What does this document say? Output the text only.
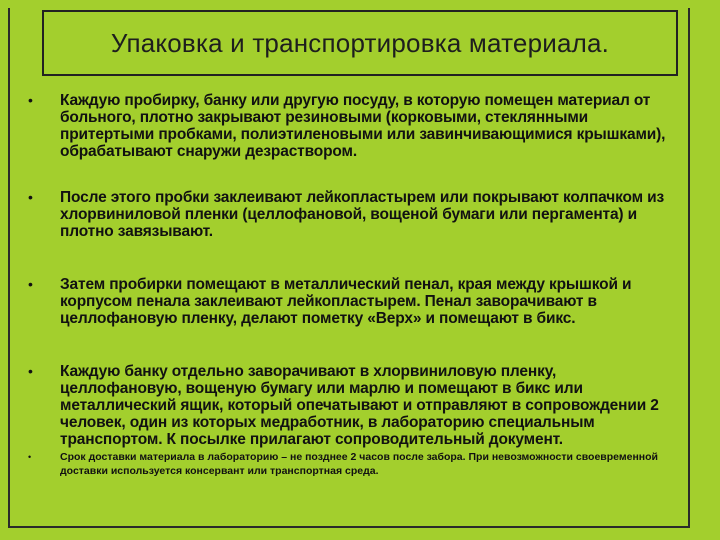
Упаковка и транспортировка материала.
•	Каждую пробирку, банку или другую посуду, в которую помещен материал от больного, плотно закрывают резиновыми (корковыми, стеклянными притертыми пробками, полиэтиленовыми или завинчивающимися крышками), обрабатывают снаружи дезраствором.
•	После этого пробки заклеивают лейкопластырем или покрывают колпачком из хлорвиниловой пленки (целлофановой, вощеной бумаги или пергамента) и плотно завязывают.
•	Затем пробирки помещают в металлический пенал, края между крышкой и корпусом пенала заклеивают лейкопластырем. Пенал заворачивают в целлофановую пленку, делают пометку «Верх» и помещают в бикс.
•	Каждую банку отдельно заворачивают в хлорвиниловую пленку, целлофановую, вощеную бумагу или марлю и помещают в бикс или металлический ящик, который опечатывают и отправляют в сопровождении 2 человек, один из которых медработник, в лабораторию специальным транспортом. К посылке прилагают сопроводительный документ.
•	Срок доставки материала в лабораторию – не позднее 2 часов после забора. При невозможности своевременной доставки используется консервант или транспортная среда.
